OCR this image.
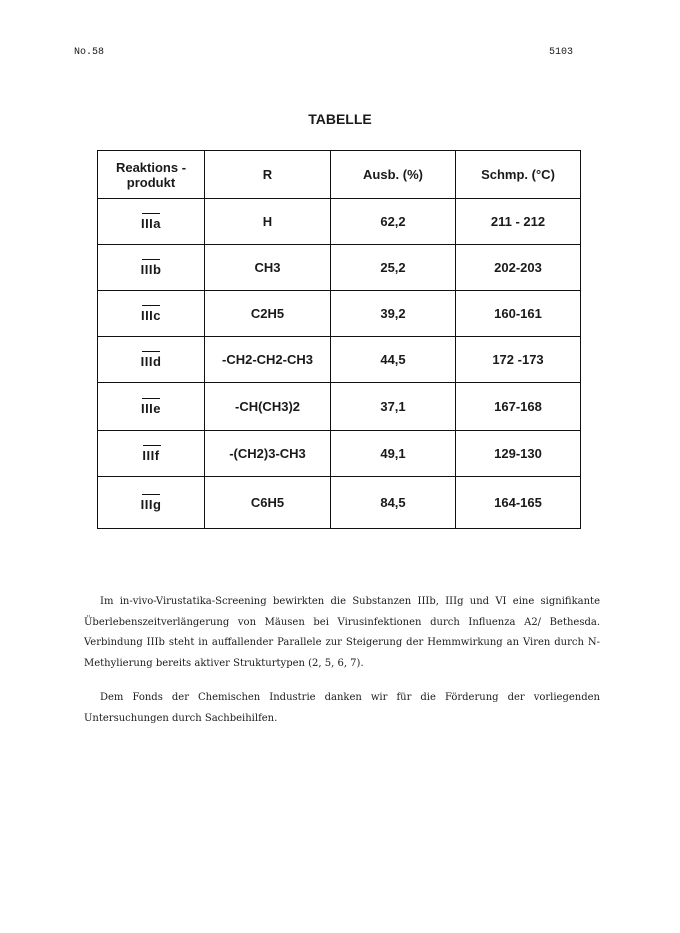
No.58	5103
TABELLE
Reaktions - produkt	R	Ausb. (%)	Schmp. (°C)

IIIa	H	62,2	211 - 212

IIIb	CH3	25,2	202-203

IIIc	C2H5	39,2	160-161

IIId	-CH2-CH2-CH3	44,5	172 -173

IIIe	-CH(CH3)2	37,1	167-168

IIIf	-(CH2)3-CH3	49,1	129-130

IIIg	C6H5	84,5	164-165

Im in-vivo-Virustatika-Screening bewirkten die Substanzen IIIb, IIIg und VI eine signifikante Überlebenszeitverlängerung von Mäusen bei Virusinfektionen durch Influenza A2/ Bethesda. Verbindung IIIb steht in auffallender Parallele zur Steigerung der Hemmwirkung an Viren durch N-Methylierung bereits aktiver Strukturtypen (2, 5, 6, 7).

Dem Fonds der Chemischen Industrie danken wir für die Förderung der vorliegenden Untersuchungen durch Sachbeihilfen.
